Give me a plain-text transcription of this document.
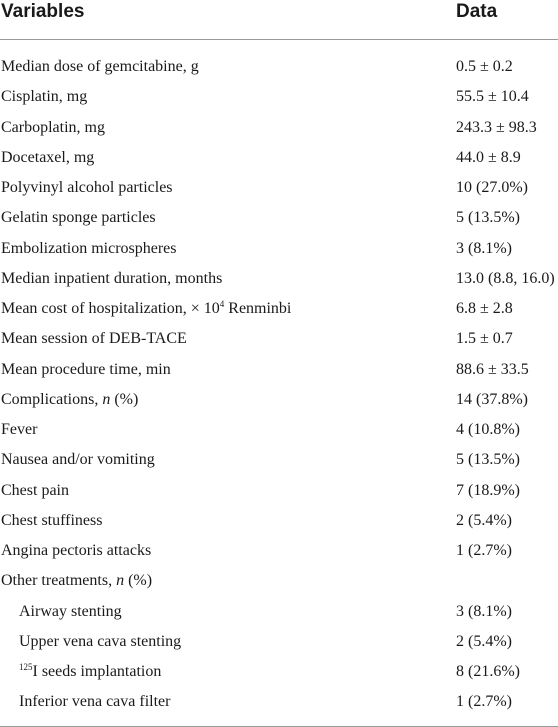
Variables	Data
Median dose of gemcitabine, g	0.5 ± 0.2
Cisplatin, mg	55.5 ± 10.4
Carboplatin, mg	243.3 ± 98.3
Docetaxel, mg	44.0 ± 8.9
Polyvinyl alcohol particles	10 (27.0%)
Gelatin sponge particles	5 (13.5%)
Embolization microspheres	3 (8.1%)
Median inpatient duration, months	13.0 (8.8, 16.0)
Mean cost of hospitalization, × $10^4$ Renminbi	6.8 ± 2.8
Mean session of DEB-TACE	1.5 ± 0.7
Mean procedure time, min	88.6 ± 33.5
Complications, n (%)	14 (37.8%)
Fever	4 (10.8%)
Nausea and/or vomiting	5 (13.5%)
Chest pain	7 (18.9%)
Chest stuffiness	2 (5.4%)
Angina pectoris attacks	1 (2.7%)
Other treatments, n (%)
Airway stenting	3 (8.1%)
Upper vena cava stenting	2 (5.4%)
$^{125}$I seeds implantation	8 (21.6%)
Inferior vena cava filter	1 (2.7%)
